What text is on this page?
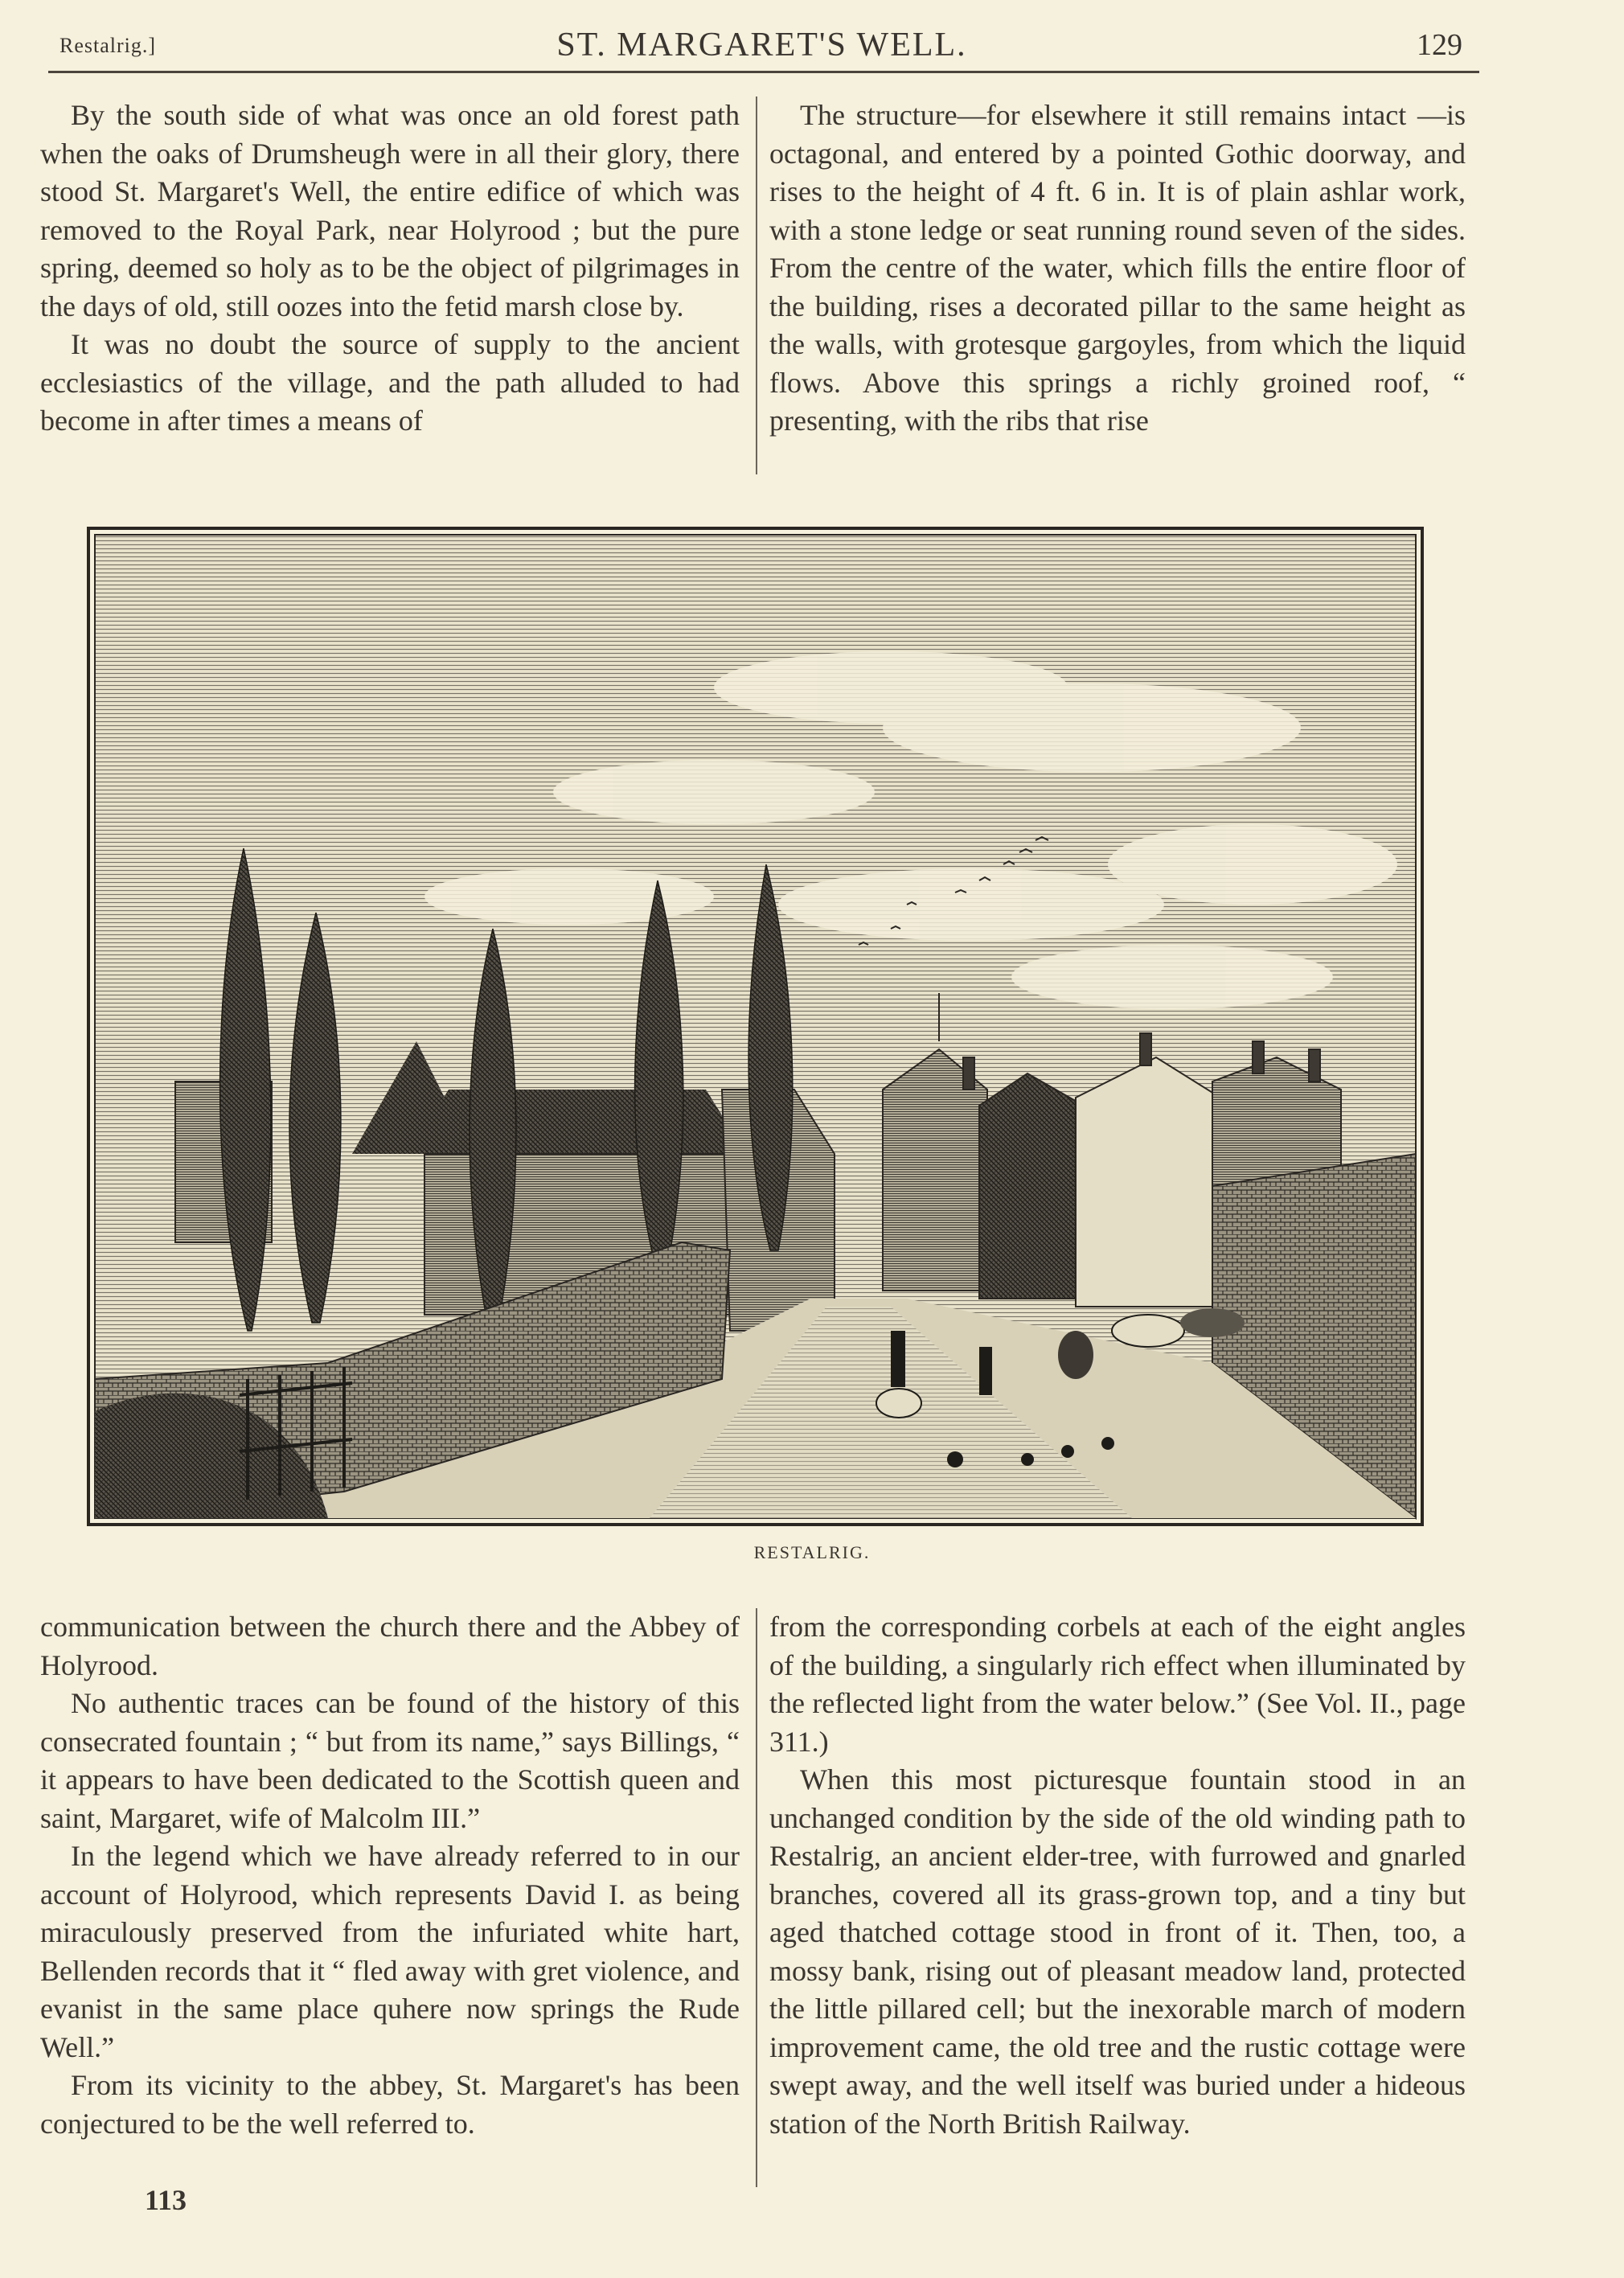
Restalrig.]	ST. MARGARET'S WELL.	129

By the south side of what was once an old forest path when the oaks of Drumsheugh were in all their glory, there stood St. Margaret's Well, the entire edifice of which was removed to the Royal Park, near Holyrood ; but the pure spring, deemed so holy as to be the object of pilgrimages in the days of old, still oozes into the fetid marsh close by.

It was no doubt the source of supply to the ancient ecclesiastics of the village, and the path alluded to had become in after times a means of

The structure—for elsewhere it still remains intact —is octagonal, and entered by a pointed Gothic doorway, and rises to the height of 4 ft. 6 in. It is of plain ashlar work, with a stone ledge or seat running round seven of the sides. From the centre of the water, which fills the entire floor of the building, rises a decorated pillar to the same height as the walls, with grotesque gargoyles, from which the liquid flows. Above this springs a richly groined roof, “ presenting, with the ribs that rise

RESTALRIG.

communication between the church there and the Abbey of Holyrood.

No authentic traces can be found of the history of this consecrated fountain ; “ but from its name,” says Billings, “ it appears to have been dedicated to the Scottish queen and saint, Margaret, wife of Malcolm III.”

In the legend which we have already referred to in our account of Holyrood, which represents David I. as being miraculously preserved from the infuriated white hart, Bellenden records that it “ fled away with gret violence, and evanist in the same place quhere now springs the Rude Well.”

From its vicinity to the abbey, St. Margaret's has been conjectured to be the well referred to.

from the corresponding corbels at each of the eight angles of the building, a singularly rich effect when illuminated by the reflected light from the water below.” (See Vol. II., page 311.)

When this most picturesque fountain stood in an unchanged condition by the side of the old winding path to Restalrig, an ancient elder-tree, with furrowed and gnarled branches, covered all its grass-grown top, and a tiny but aged thatched cottage stood in front of it. Then, too, a mossy bank, rising out of pleasant meadow land, protected the little pillared cell; but the inexorable march of modern improvement came, the old tree and the rustic cottage were swept away, and the well itself was buried under a hideous station of the North British Railway.

113
